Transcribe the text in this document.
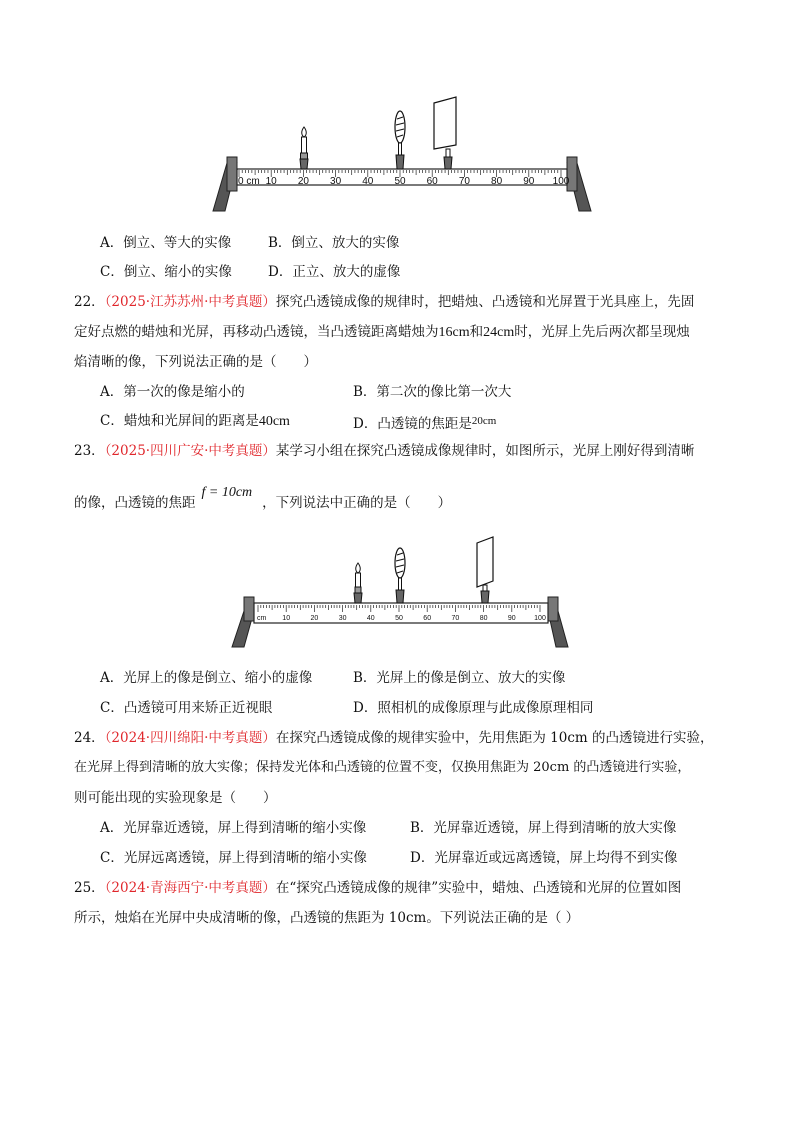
0 cm 10 20 30 40 50 60 70 80 90 100
A．倒立、等大的实像	B．倒立、放大的实像
C．倒立、缩小的实像	D．正立、放大的虚像
22．（2025·江苏苏州·中考真题）探究凸透镜成像的规律时，把蜡烛、凸透镜和光屏置于光具座上，先固
定好点燃的蜡烛和光屏，再移动凸透镜，当凸透镜距离蜡烛为16cm和24cm时，光屏上先后两次都呈现烛
焰清晰的像，下列说法正确的是（　　）
A．第一次的像是缩小的	B．第二次的像比第一次大
C．蜡烛和光屏间的距离是40cm	D．凸透镜的焦距是$^{20cm}$
23．（2025·四川广安·中考真题）某学习小组在探究凸透镜成像规律时，如图所示，光屏上刚好得到清晰
的像，凸透镜的焦距f = 10cm，下列说法中正确的是（　　）
cm 10	20	30	40	50	60	70	80	90	100
A．光屏上的像是倒立、缩小的虚像	B．光屏上的像是倒立、放大的实像
C．凸透镜可用来矫正近视眼	D．照相机的成像原理与此成像原理相同
24．（2024·四川绵阳·中考真题）在探究凸透镜成像的规律实验中，先用焦距为 10cm 的凸透镜进行实验，
在光屏上得到清晰的放大实像；保持发光体和凸透镜的位置不变，仅换用焦距为 20cm 的凸透镜进行实验，
则可能出现的实验现象是（　　）
A．光屏靠近透镜，屏上得到清晰的缩小实像	B．光屏靠近透镜，屏上得到清晰的放大实像
C．光屏远离透镜，屏上得到清晰的缩小实像	D．光屏靠近或远离透镜，屏上均得不到实像
25．（2024·青海西宁·中考真题）在“探究凸透镜成像的规律”实验中，蜡烛、凸透镜和光屏的位置如图
所示，烛焰在光屏中央成清晰的像，凸透镜的焦距为 10cm。下列说法正确的是（ ）
